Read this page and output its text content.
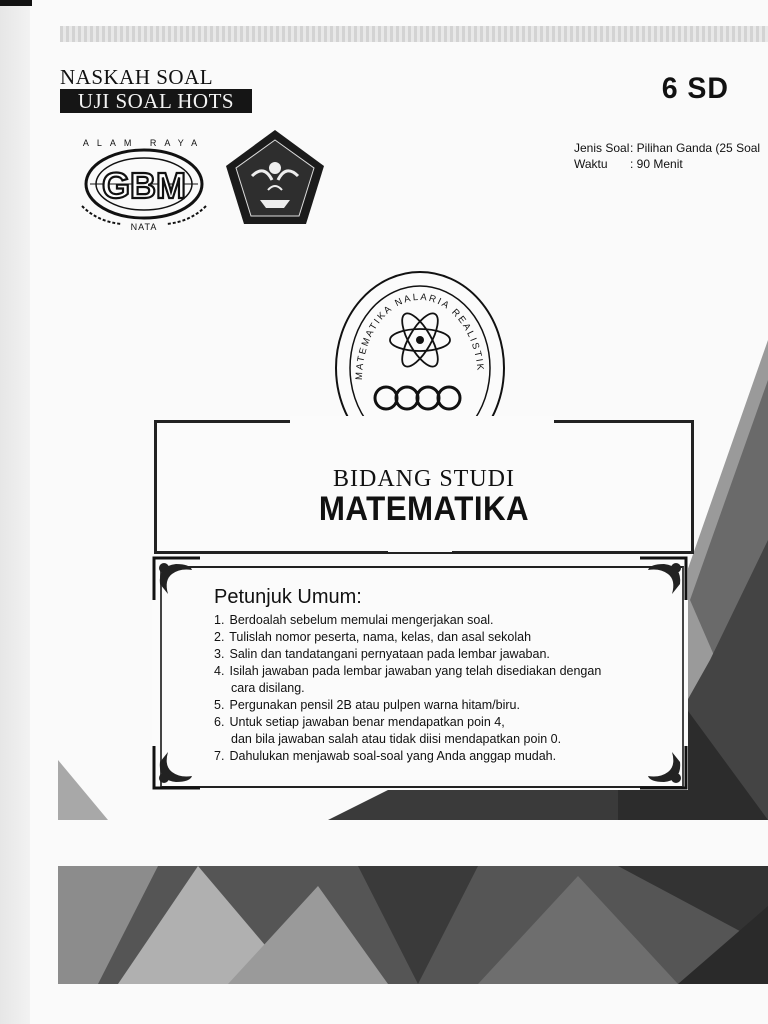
NASKAH SOAL
UJI SOAL HOTS	6 SD
Jenis Soal: Pilihan Ganda (25 Soal
Waktu : 90 Menit
GBM
ALAM RAYA
NATA
MATEMATIKA NALARIA REALISTIK
BIDANG STUDI
MATEMATIKA
Petunjuk Umum:
1. Berdoalah sebelum memulai mengerjakan soal.
2. Tulislah nomor peserta, nama, kelas, dan asal sekolah
3. Salin dan tandatangani pernyataan pada lembar jawaban.
4. Isilah jawaban pada lembar jawaban yang telah disediakan dengan
cara disilang.
5. Pergunakan pensil 2B atau pulpen warna hitam/biru.
6. Untuk setiap jawaban benar mendapatkan poin 4,
dan bila jawaban salah atau tidak diisi mendapatkan poin 0.
7. Dahulukan menjawab soal-soal yang Anda anggap mudah.
